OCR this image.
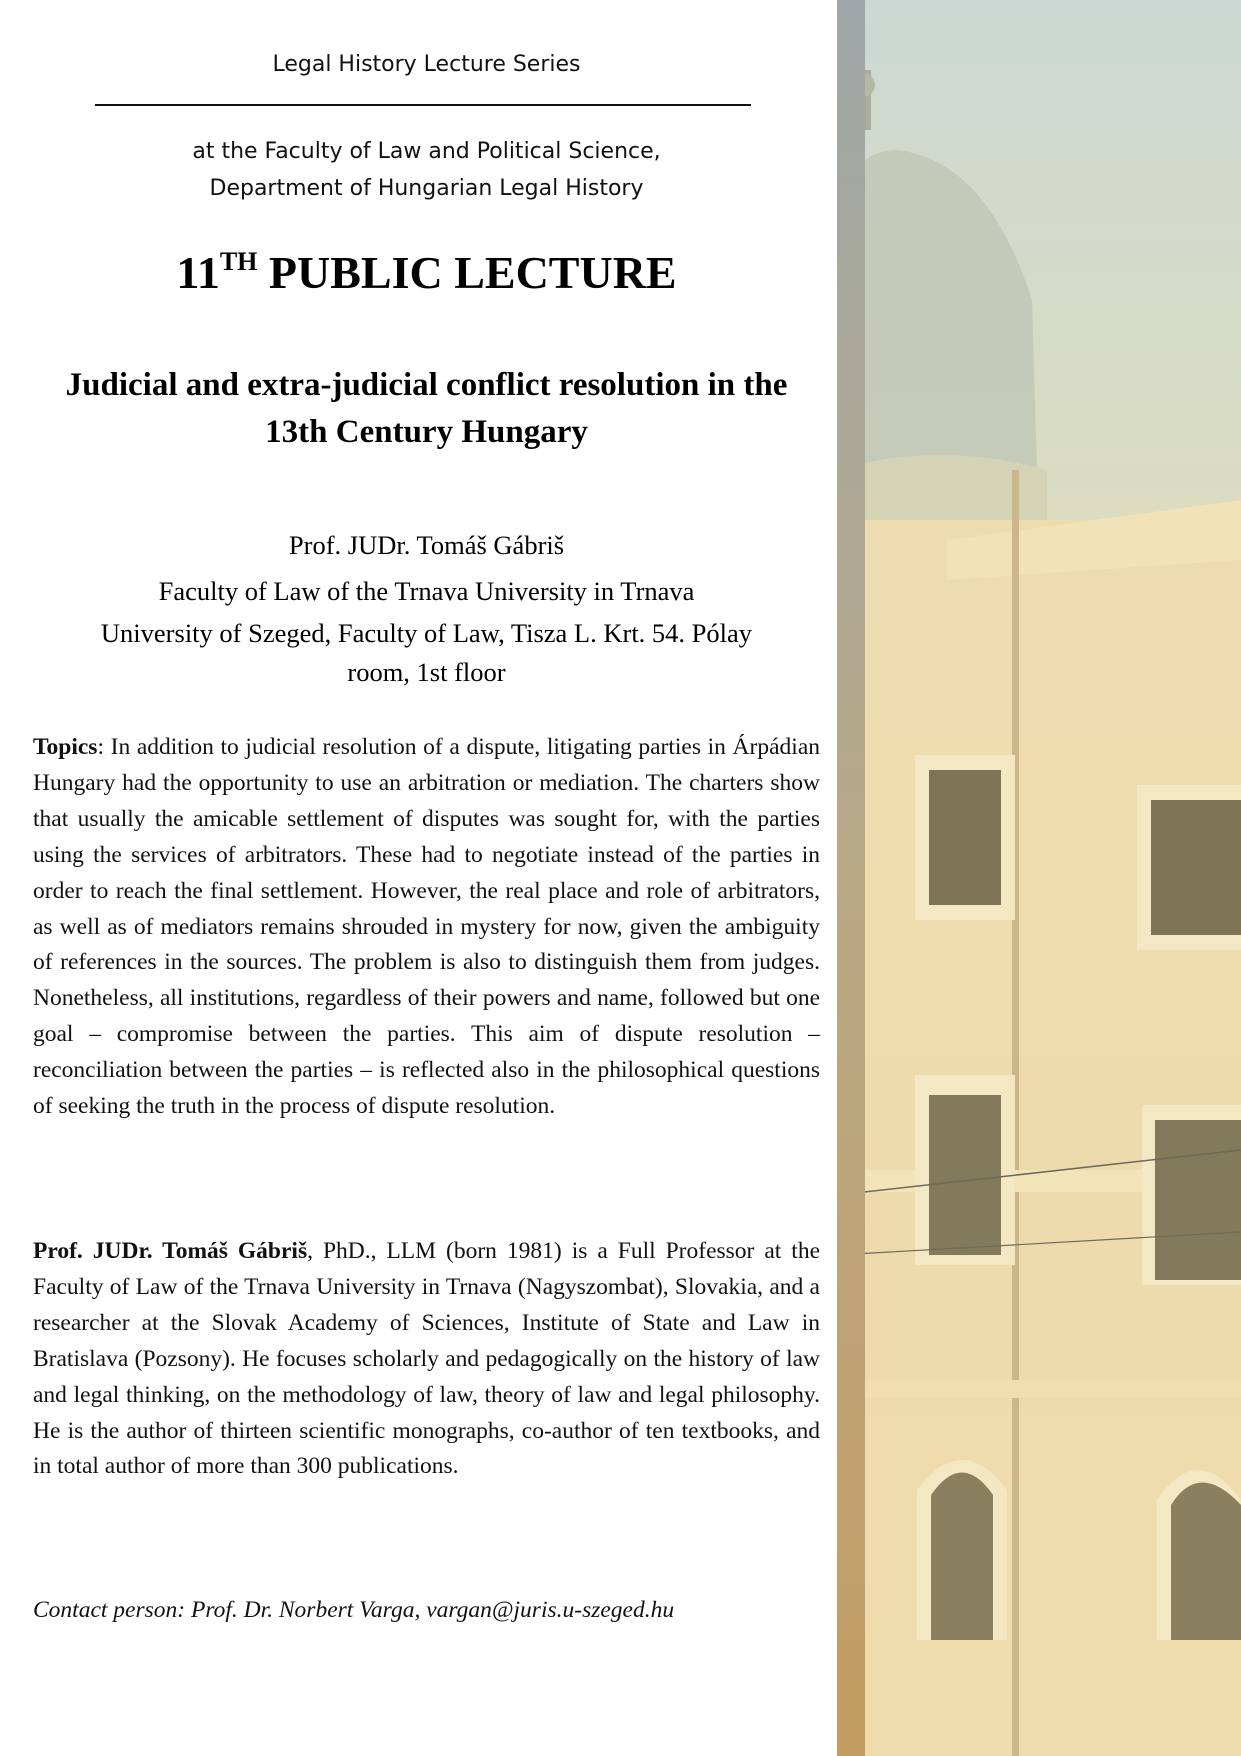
Legal History Lecture Series
at the Faculty of Law and Political Science,
Department of Hungarian Legal History
11TH PUBLIC LECTURE
Judicial and extra-judicial conflict resolution in the
13th Century Hungary
Prof. JUDr. Tomáš Gábriš
Faculty of Law of the Trnava University in Trnava
University of Szeged, Faculty of Law, Tisza L. Krt. 54. Pólay
room, 1st floor

Topics: In addition to judicial resolution of a dispute, litigating parties in Árpádian Hungary had the opportunity to use an arbitration or mediation. The charters show that usually the amicable settlement of disputes was sought for, with the parties using the services of arbitrators. These had to negotiate instead of the parties in order to reach the final settlement. However, the real place and role of arbitrators, as well as of mediators remains shrouded in mystery for now, given the ambiguity of references in the sources. The problem is also to distinguish them from judges. Nonetheless, all institutions, regardless of their powers and name, followed but one goal – compromise between the parties. This aim of dispute resolution – reconciliation between the parties – is reflected also in the philosophical questions of seeking the truth in the process of dispute resolution.

Prof. JUDr. Tomáš Gábriš, PhD., LLM (born 1981) is a Full Professor at the Faculty of Law of the Trnava University in Trnava (Nagyszombat), Slovakia, and a researcher at the Slovak Academy of Sciences, Institute of State and Law in Bratislava (Pozsony). He focuses scholarly and pedagogically on the history of law and legal thinking, on the methodology of law, theory of law and legal philosophy. He is the author of thirteen scientific monographs, co-author of ten textbooks, and in total author of more than 300 publications.

Contact person: Prof. Dr. Norbert Varga, vargan@juris.u-szeged.hu
